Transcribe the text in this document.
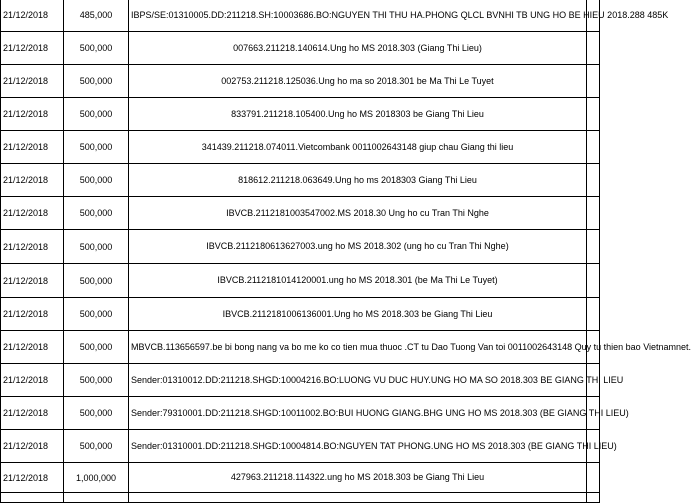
21/12/2018	485,000	IBPS/SE:01310005.DD:211218.SH:10003686.BO:NGUYEN THI THU HA.PHONG QLCL BVNHI TB UNG HO BE HIEU 2018.288 485K	
21/12/2018	500,000	007663.211218.140614.Ung ho MS 2018.303 (Giang Thi Lieu)	
21/12/2018	500,000	002753.211218.125036.Ung ho ma so 2018.301 be Ma Thi Le Tuyet	
21/12/2018	500,000	833791.211218.105400.Ung ho MS 2018303 be Giang Thi Lieu	
21/12/2018	500,000	341439.211218.074011.Vietcombank 0011002643148 giup chau Giang thi lieu	
21/12/2018	500,000	818612.211218.063649.Ung ho ms 2018303 Giang Thi Lieu	
21/12/2018	500,000	IBVCB.2112181003547002.MS 2018.30 Ung ho cu Tran Thi Nghe	
21/12/2018	500,000	IBVCB.2112180613627003.ung ho MS 2018.302 (ung ho cu Tran Thi Nghe)	
21/12/2018	500,000	IBVCB.2112181014120001.ung ho MS 2018.301 (be Ma Thi Le Tuyet)	
21/12/2018	500,000	IBVCB.2112181006136001.Ung ho MS 2018.303 be Giang Thi Lieu	
21/12/2018	500,000	MBVCB.113656597.be bi bong nang va bo me ko co tien mua thuoc .CT tu Dao Tuong Van toi 0011002643148 Quy tu thien bao Vietnamnet.	
21/12/2018	500,000	Sender:01310012.DD:211218.SHGD:10004216.BO:LUONG VU DUC HUY.UNG HO MA SO 2018.303 BE GIANG THI LIEU	
21/12/2018	500,000	Sender:79310001.DD:211218.SHGD:10011002.BO:BUI HUONG GIANG.BHG UNG HO MS 2018.303 (BE GIANG THI LIEU)	
21/12/2018	500,000	Sender:01310001.DD:211218.SHGD:10004814.BO:NGUYEN TAT PHONG.UNG HO MS 2018.303 (BE GIANG THI LIEU)	
21/12/2018	1,000,000	427963.211218.114322.ung ho MS 2018.303 be Giang Thi Lieu	
